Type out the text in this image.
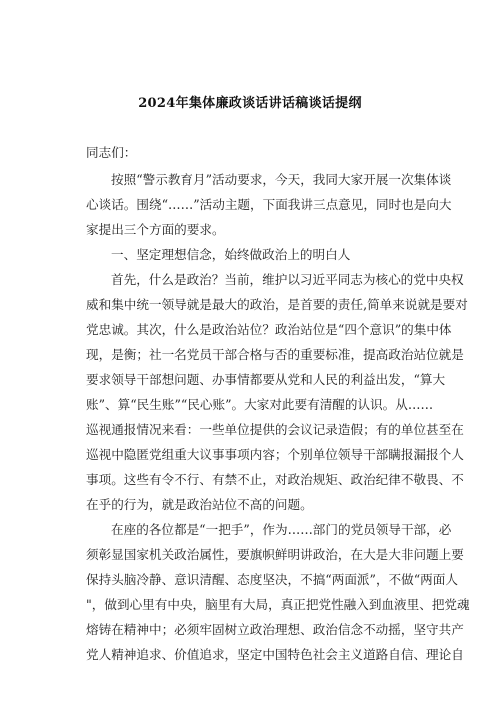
2024年集体廉政谈话讲话稿谈话提纲
同志们：
按照“警示教育月”活动要求，今天，我同大家开展一次集体谈
心谈话。围绕“……”活动主题，下面我讲三点意见，同时也是向大
家提出三个方面的要求。
一、坚定理想信念，始终做政治上的明白人
首先，什么是政治？当前，维护以习近平同志为核心的党中央权
威和集中统一领导就是最大的政治，是首要的责任,简单来说就是要对
党忠诚。其次，什么是政治站位？政治站位是“四个意识”的集中体
现，是衡；社一名党员干部合格与否的重要标准，提高政治站位就是
要求领导干部想问题、办事情都要从党和人民的利益出发，“算大
账”、算“民生账”“民心账”。大家对此要有清醒的认识。从……
巡视通报情况来看：一些单位提供的会议记录造假；有的单位甚至在
巡视中隐匿党组重大议事事项内容；个别单位领导干部瞒报漏报个人
事项。这些有令不行、有禁不止，对政治规矩、政治纪律不敬畏、不
在乎的行为，就是政治站位不高的问题。
在座的各位都是“一把手”，作为……部门的党员领导干部，必
须彰显国家机关政治属性，要旗帜鲜明讲政治，在大是大非问题上要
保持头脑冷静、意识清醒、态度坚决，不搞“两面派”，不做“两面人
"，做到心里有中央，脑里有大局，真正把党性融入到血液里、把党魂
熔铸在精神中；必须牢固树立政治理想、政治信念不动摇，坚守共产
党人精神追求、价值追求，坚定中国特色社会主义道路自信、理论自
